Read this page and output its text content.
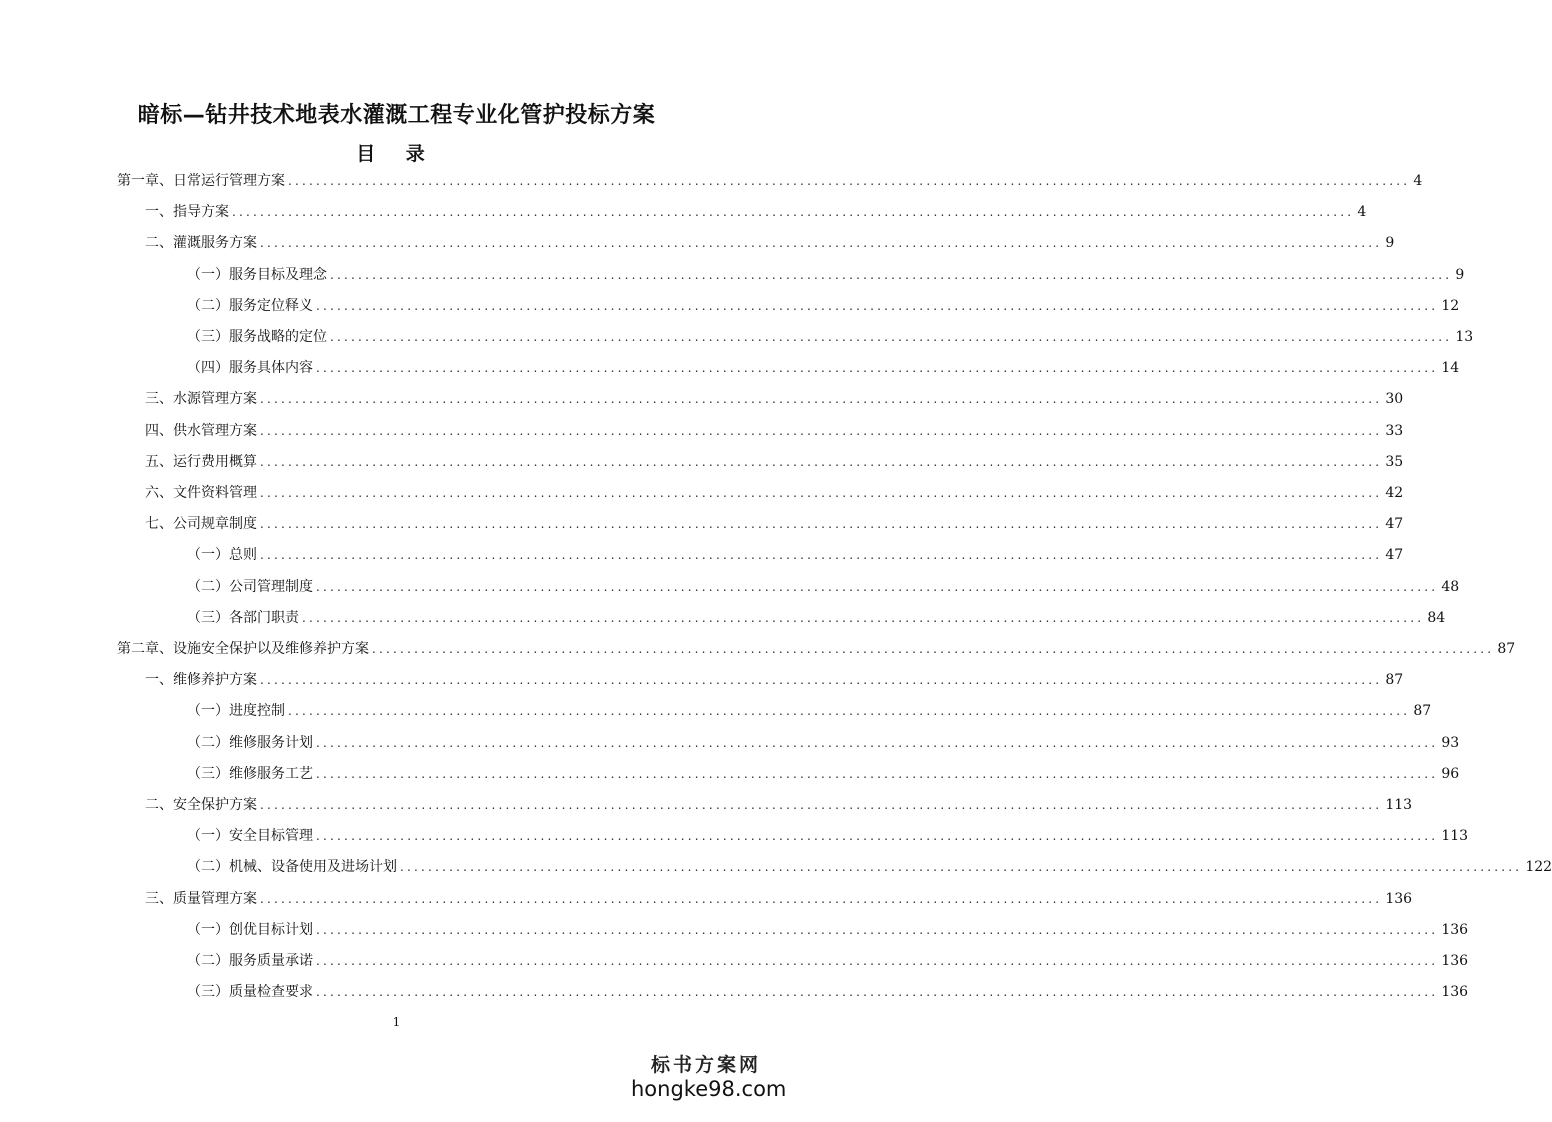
暗标—钻井技术地表水灌溉工程专业化管护投标方案
目 录
第一章、日常运行管理方案 ................................................................................................................................................................ 4
一、指导方案 ................................................................................................................................................................ 4
二、灌溉服务方案 ................................................................................................................................................................ 9
（一）服务目标及理念 ................................................................................................................................................................ 9
（二）服务定位释义 ................................................................................................................................................................ 12
（三）服务战略的定位 ................................................................................................................................................................ 13
（四）服务具体内容 ................................................................................................................................................................ 14
三、水源管理方案 ................................................................................................................................................................ 30
四、供水管理方案 ................................................................................................................................................................ 33
五、运行费用概算 ................................................................................................................................................................ 35
六、文件资料管理 ................................................................................................................................................................ 42
七、公司规章制度 ................................................................................................................................................................ 47
（一）总则 ................................................................................................................................................................ 47
（二）公司管理制度 ................................................................................................................................................................ 48
（三）各部门职责 ................................................................................................................................................................ 84
第二章、设施安全保护以及维修养护方案 ................................................................................................................................................................ 87
一、维修养护方案 ................................................................................................................................................................ 87
（一）进度控制 ................................................................................................................................................................ 87
（二）维修服务计划 ................................................................................................................................................................ 93
（三）维修服务工艺 ................................................................................................................................................................ 96
二、安全保护方案 ................................................................................................................................................................ 113
（一）安全目标管理 ................................................................................................................................................................ 113
（二）机械、设备使用及进场计划 ................................................................................................................................................................ 122
三、质量管理方案 ................................................................................................................................................................ 136
（一）创优目标计划 ................................................................................................................................................................ 136
（二）服务质量承诺 ................................................................................................................................................................ 136
（三）质量检查要求 ................................................................................................................................................................ 136
1
标书方案网
hongke98.com
